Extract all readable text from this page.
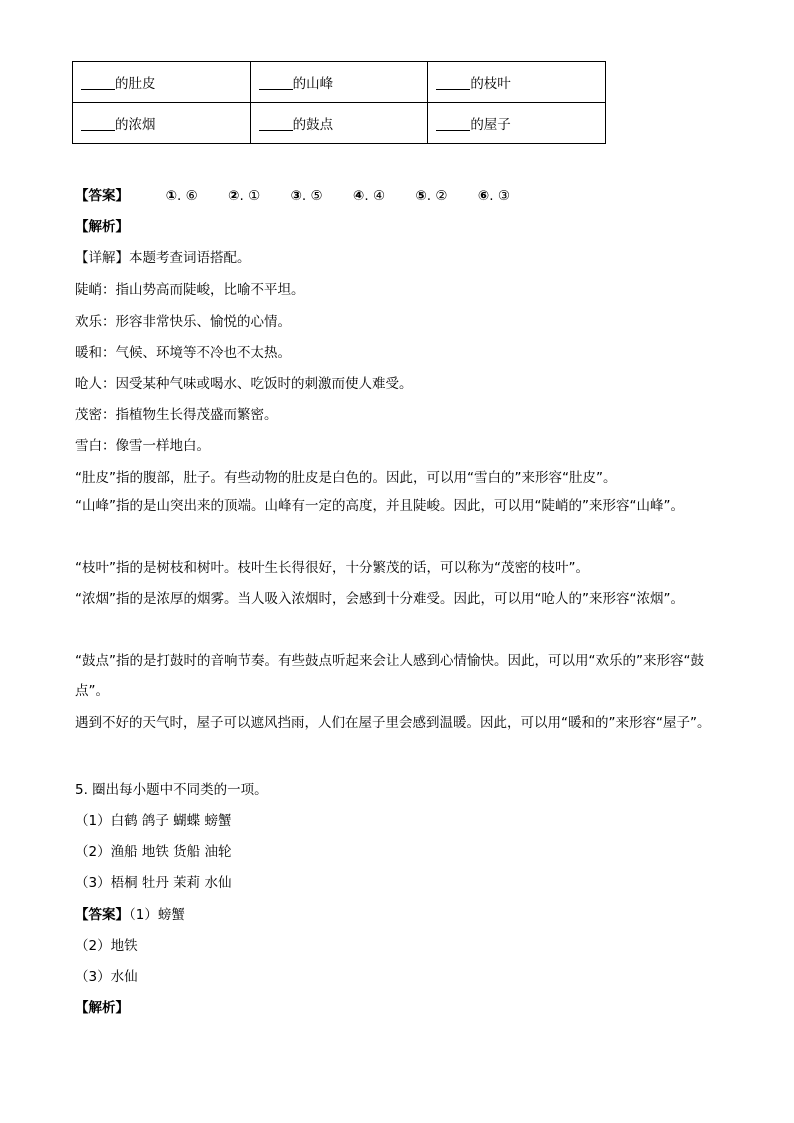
的肚皮	的山峰	的枝叶
的浓烟	的鼓点	的屋子
【答案】	①. ⑥ ②. ① ③. ⑤ ④. ④ ⑤. ② ⑥. ③
【解析】
【详解】本题考查词语搭配。
陡峭：指山势高而陡峻，比喻不平坦。
欢乐：形容非常快乐、愉悦的心情。
暖和：气候、环境等不冷也不太热。
呛人：因受某种气味或喝水、吃饭时的刺激而使人难受。
茂密：指植物生长得茂盛而繁密。
雪白：像雪一样地白。
“肚皮”指的腹部，肚子。有些动物的肚皮是白色的。因此，可以用“雪白的”来形容“肚皮”。
“山峰”指的是山突出来的顶端。山峰有一定的高度，并且陡峻。因此，可以用“陡峭的”来形容“山峰”。
“枝叶”指的是树枝和树叶。枝叶生长得很好，十分繁茂的话，可以称为“茂密的枝叶”。
“浓烟”指的是浓厚的烟雾。当人吸入浓烟时，会感到十分难受。因此，可以用“呛人的”来形容“浓烟”。
“鼓点”指的是打鼓时的音响节奏。有些鼓点听起来会让人感到心情愉快。因此，可以用“欢乐的”来形容“鼓点”。
遇到不好的天气时，屋子可以遮风挡雨，人们在屋子里会感到温暖。因此，可以用“暖和的”来形容“屋子”。
5. 圈出每小题中不同类的一项。
（1）白鹤 鸽子 蝴蝶 螃蟹
（2）渔船 地铁 货船 油轮
（3）梧桐 牡丹 茉莉 水仙
【答案】（1）螃蟹
（2）地铁
（3）水仙
【解析】
